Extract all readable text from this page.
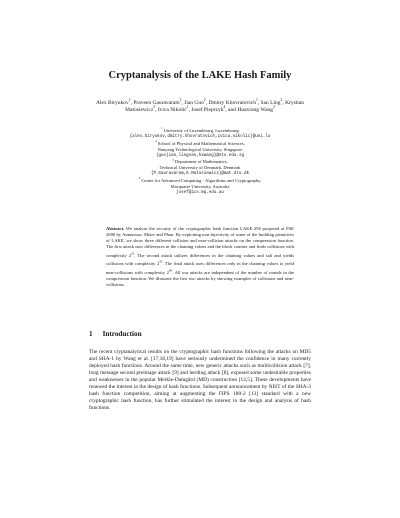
Cryptanalysis of the LAKE Hash Family
Alex Biryukov$^1$, Praveen Gauravaram$^3$, Jian Guo$^2$, Dmitry Khovratovich$^1$, San Ling$^2$, Krystian Matusiewicz$^3$, Ivica Nikolić$^1$, Josef Pieprzyk$^4$, and Huaxiong Wang$^2$
$^1$University of Luxembourg, Luxembourg
{alex.biryukov,dmitry.khovratovich,ivica.nikolic}@uni.lu
$^2$School of Physical and Mathematical Sciences,
Nanyang Technological University, Singapore
{guojian,lingsan,hxwang}@ntu.edu.sg
$^3$Department of Mathematics,
Technical University of Denmark, Denmark
{P.Gauravaram,K.Matusiewicz}@mat.dtu.dk
$^4$Centre for Advanced Computing - Algorithms and Cryptography,
Macquarie University, Australia
josef@ics.mq.edu.au
Abstract. We analyse the security of the cryptographic hash function LAKE-256 proposed at FSE 2008 by Aumasson, Meier and Phan. By exploiting non-injectivity of some of the building primitives of LAKE, we show three different collision and near-collision attacks on the compression function. The first attack uses differences in the chaining values and the block counter and finds collisions with complexity $2^{33}$. The second attack utilizes differences in the chaining values and salt and yields collisions with complexity $2^{42}$. The final attack uses differences only in the chaining values to yield near-collisions with complexity $2^{99}$. All our attacks are independent of the number of rounds in the compression function. We illustrate the first two attacks by showing examples of collisions and near-collisions.
1 Introduction
The recent cryptanalytical results on the cryptographic hash functions following the attacks on MD5 and SHA-1 by Wang et al. [17,18,19] have seriously undermined the confidence in many currently deployed hash functions. Around the same time, new generic attacks such as multicollision attack [7], long message second preimage attack [9] and herding attack [8], exposed some undesirable properties and weaknesses in the popular Merkle-Damgård (MD) construction [12,5]. These developments have renewed the interest in the design of hash functions. Subsequent announcement by NIST of the SHA-3 hash function competition, aiming at augmenting the FIPS 180-2 [13] standard with a new cryptographic hash function, has further stimulated the interest in the design and analysis of hash functions.
